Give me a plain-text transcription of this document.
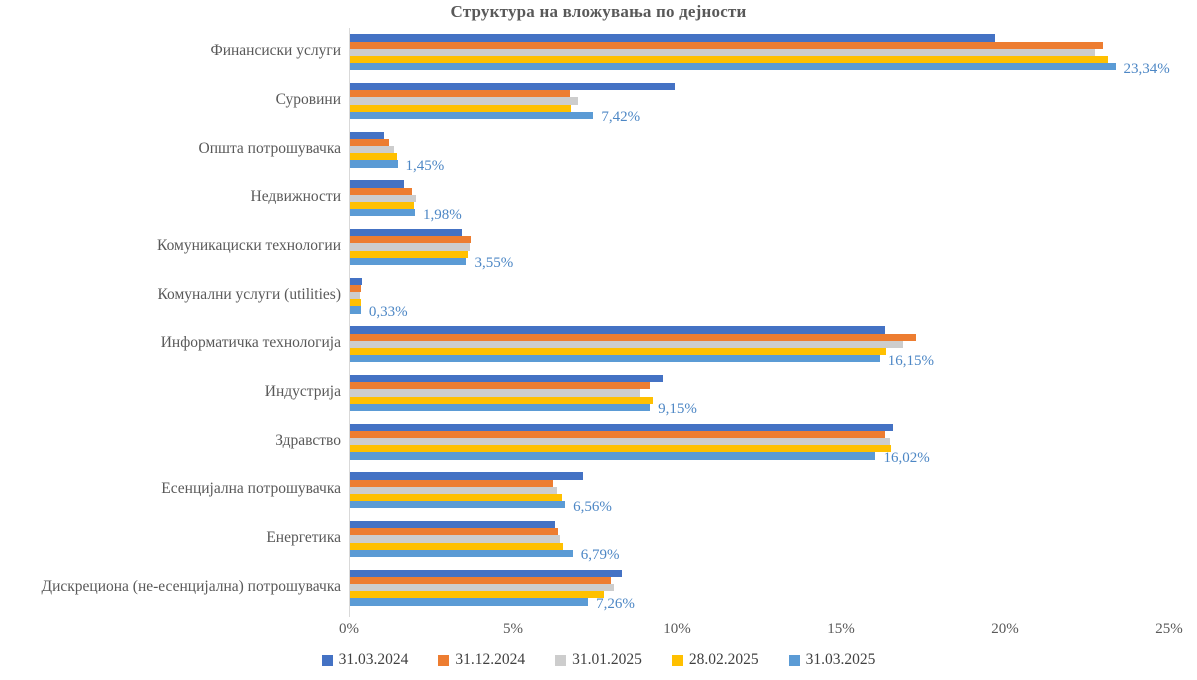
Структура на вложувања по дејности
Финансиски услуги
23,34%
Суровини
7,42%
Општа потрошувачка
1,45%
Недвижности
1,98%
Комуникациски технологии
3,55%
Комунални услуги (utilities)
0,33%
Информатичка технологија
16,15%
Индустрија
9,15%
Здравство
16,02%
Есенцијална потрошувачка
6,56%
Енергетика
6,79%
Дискрециона (не-есенцијална) потрошувачка
7,26%
0%	5%	10%	15%	20%	25%
31.03.2024	31.12.2024	31.01.2025	28.02.2025	31.03.2025
